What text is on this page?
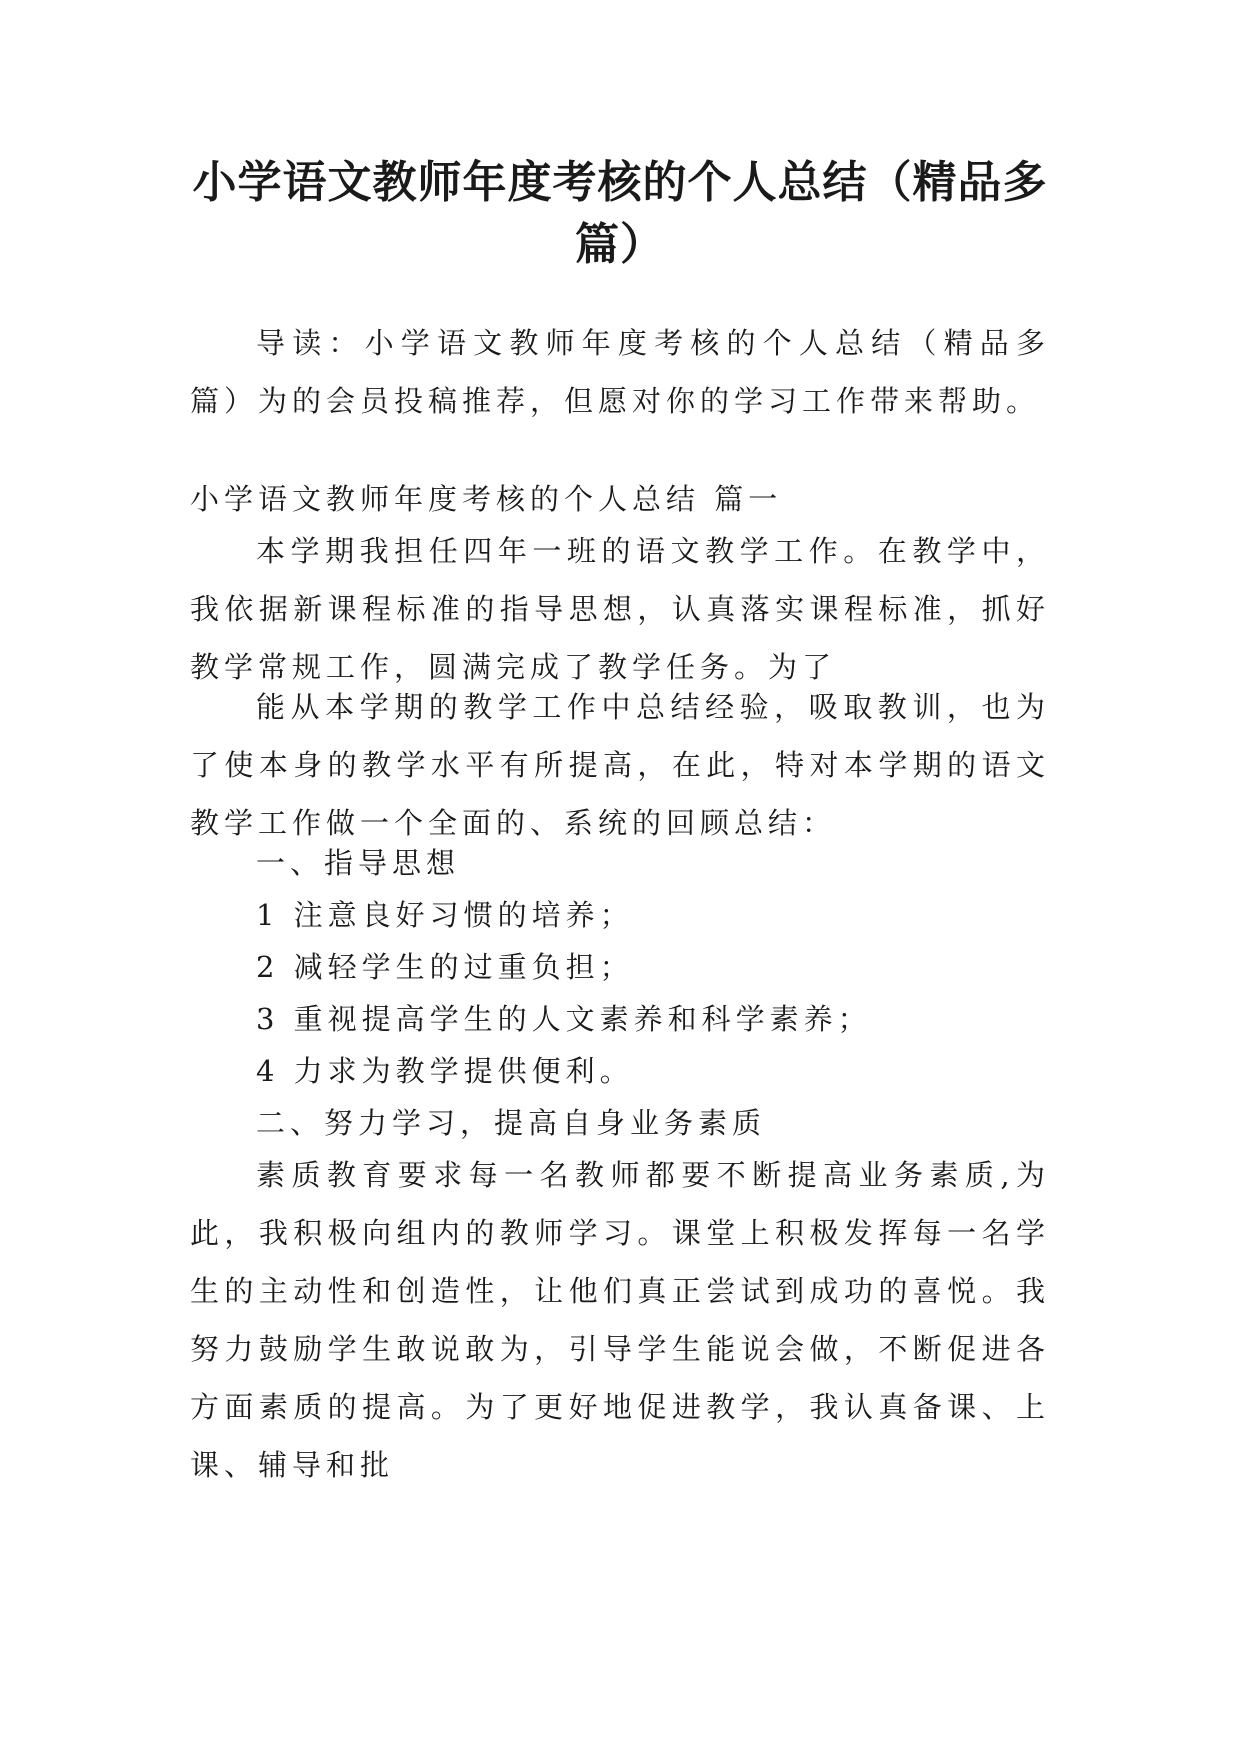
小学语文教师年度考核的个人总结（精品多篇）

导读：小学语文教师年度考核的个人总结（精品多篇）为的会员投稿推荐，但愿对你的学习工作带来帮助。

小学语文教师年度考核的个人总结 篇一

本学期我担任四年一班的语文教学工作。在教学中，我依据新课程标准的指导思想，认真落实课程标准，抓好教学常规工作，圆满完成了教学任务。为了

能从本学期的教学工作中总结经验，吸取教训，也为了使本身的教学水平有所提高，在此，特对本学期的语文教学工作做一个全面的、系统的回顾总结：

一、指导思想

1 注意良好习惯的培养；

2 减轻学生的过重负担；

3 重视提高学生的人文素养和科学素养；

4 力求为教学提供便利。

二、努力学习，提高自身业务素质

素质教育要求每一名教师都要不断提高业务素质,为此，我积极向组内的教师学习。课堂上积极发挥每一名学生的主动性和创造性，让他们真正尝试到成功的喜悦。我努力鼓励学生敢说敢为，引导学生能说会做，不断促进各方面素质的提高。为了更好地促进教学，我认真备课、上课、辅导和批
